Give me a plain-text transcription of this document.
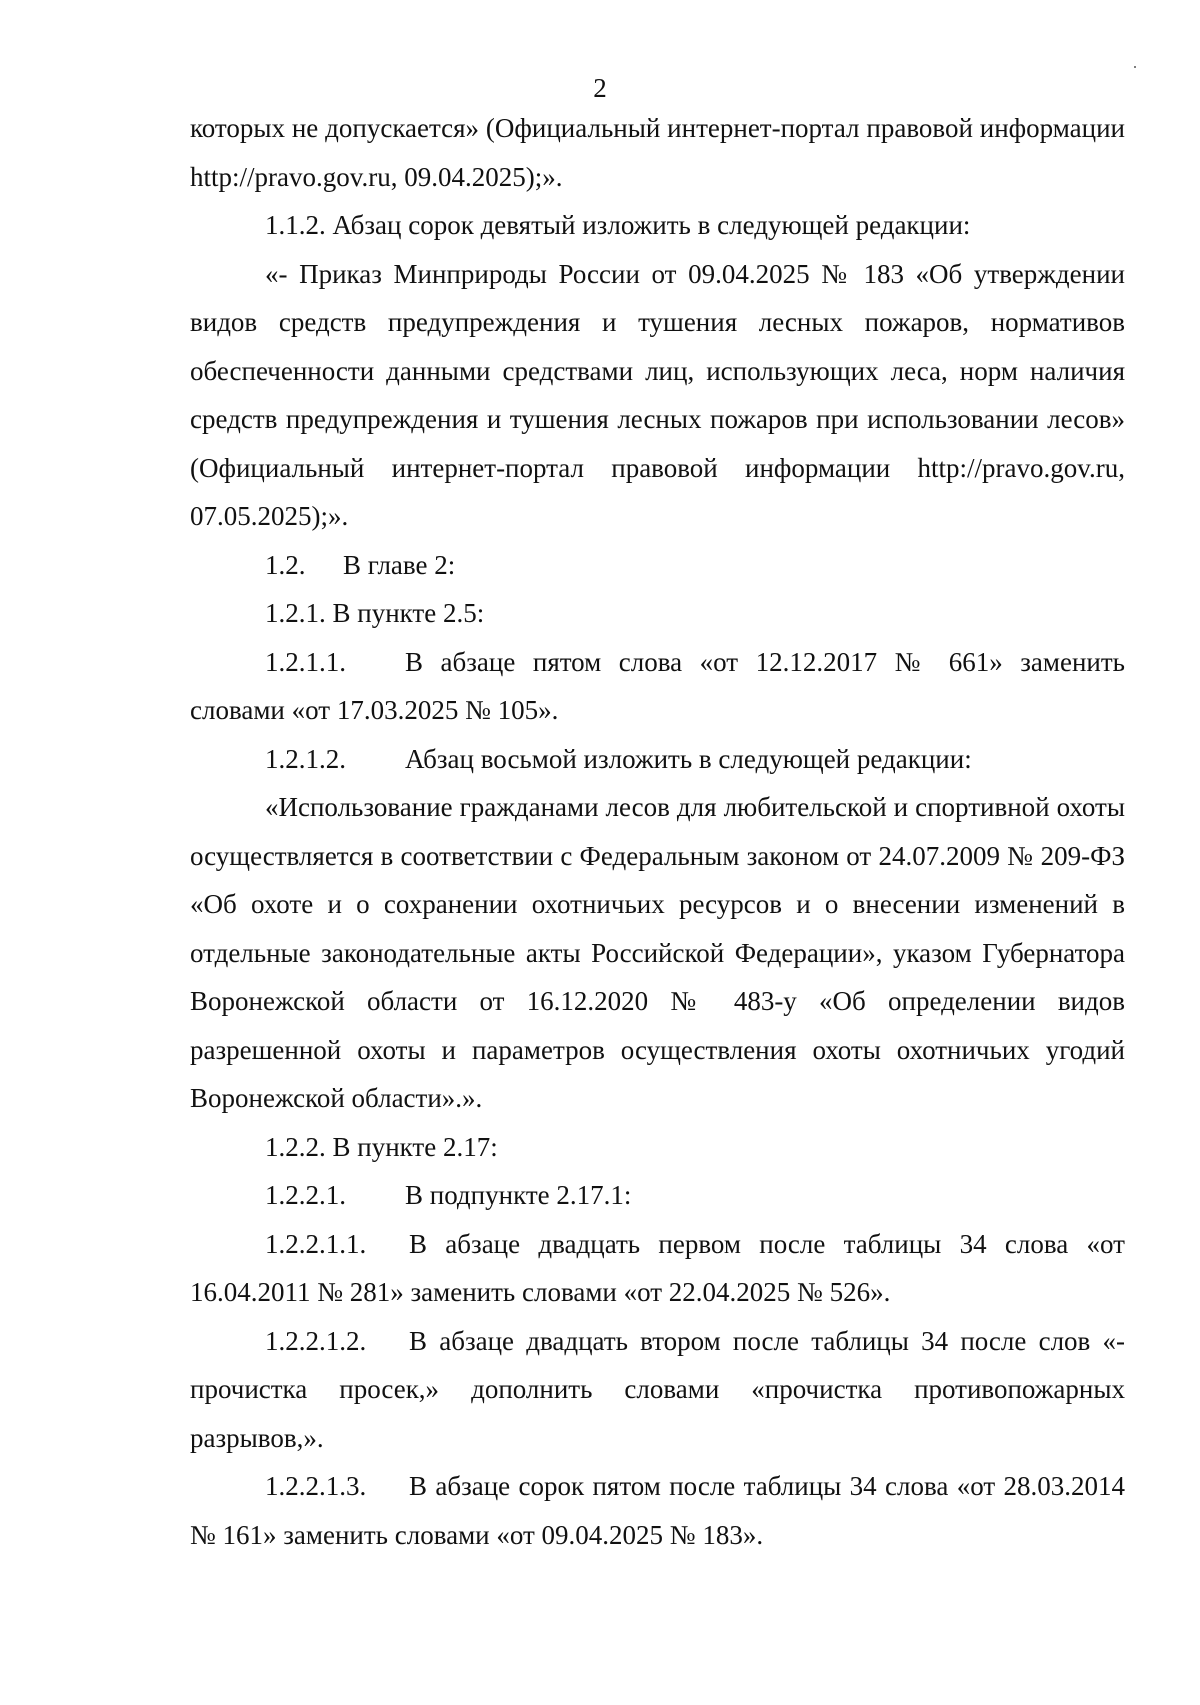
2

которых не допускается» (Официальный интернет-портал правовой информации http://pravo.gov.ru, 09.04.2025);».

1.1.2. Абзац сорок девятый изложить в следующей редакции:

«- Приказ Минприроды России от 09.04.2025 № 183 «Об утверждении видов средств предупреждения и тушения лесных пожаров, нормативов обеспеченности данными средствами лиц, использующих леса, норм наличия средств предупреждения и тушения лесных пожаров при использовании лесов» (Официальный интернет-портал правовой информации http://pravo.gov.ru, 07.05.2025);».

1.2. В главе 2:

1.2.1. В пункте 2.5:

1.2.1.1. В абзаце пятом слова «от 12.12.2017 № 661» заменить словами «от 17.03.2025 № 105».

1.2.1.2. Абзац восьмой изложить в следующей редакции:

«Использование гражданами лесов для любительской и спортивной охоты осуществляется в соответствии с Федеральным законом от 24.07.2009 № 209-ФЗ «Об охоте и о сохранении охотничьих ресурсов и о внесении изменений в отдельные законодательные акты Российской Федерации», указом Губернатора Воронежской области от 16.12.2020 № 483-у «Об определении видов разрешенной охоты и параметров осуществления охоты охотничьих угодий Воронежской области».».

1.2.2. В пункте 2.17:

1.2.2.1. В подпункте 2.17.1:

1.2.2.1.1. В абзаце двадцать первом после таблицы 34 слова «от 16.04.2011 № 281» заменить словами «от 22.04.2025 № 526».

1.2.2.1.2. В абзаце двадцать втором после таблицы 34 после слов «- прочистка просек,» дополнить словами «прочистка противопожарных разрывов,».

1.2.2.1.3. В абзаце сорок пятом после таблицы 34 слова «от 28.03.2014 № 161» заменить словами «от 09.04.2025 № 183».
